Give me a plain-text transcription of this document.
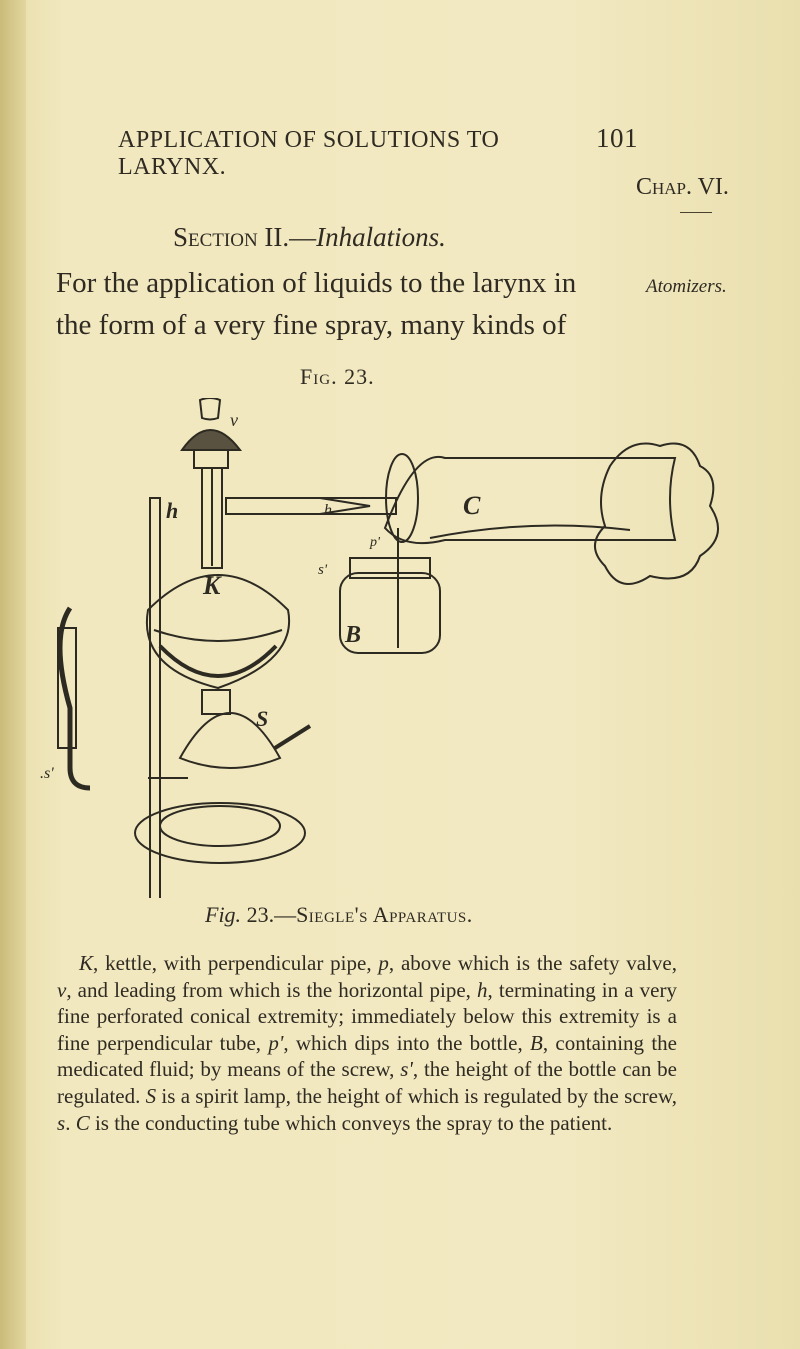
APPLICATION OF SOLUTIONS TO LARYNX.
101
Chap. VI.
Section II.—Inhalations.
For the application of liquids to the larynx in
the form of a very fine spray, many kinds of
Atomizers.
Fig. 23.
v
h	h	C
p'
K
s'
B
S
.s'
Fig. 23.—Siegle's Apparatus.
K, kettle, with perpendicular pipe, p, above which is the safety valve, v, and leading from which is the horizontal pipe, h, terminating in a very fine perforated conical extremity; immediately below this extremity is a fine perpendicular tube, p', which dips into the bottle, B, containing the medicated fluid; by means of the screw, s', the height of the bottle can be regulated. S is a spirit lamp, the height of which is regulated by the screw, s. C is the conducting tube which conveys the spray to the patient.
